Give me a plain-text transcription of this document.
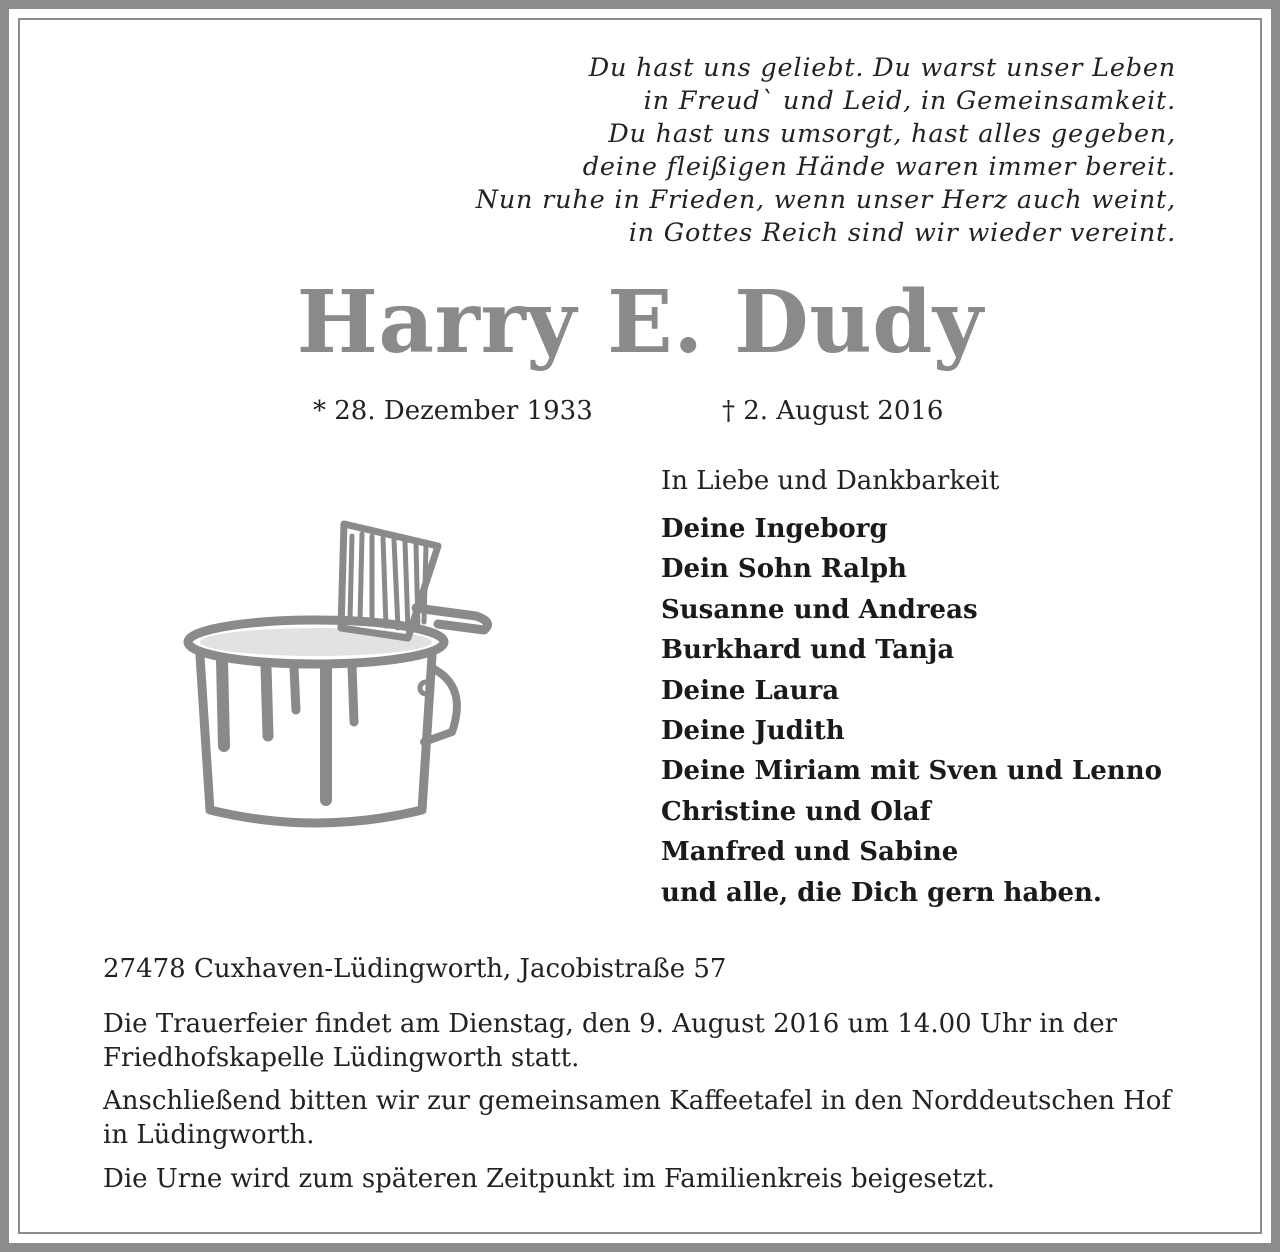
Du hast uns geliebt. Du warst unser Leben
in Freud` und Leid, in Gemeinsamkeit.
Du hast uns umsorgt, hast alles gegeben,
deine fleißigen Hände waren immer bereit.
Nun ruhe in Frieden, wenn unser Herz auch weint,
in Gottes Reich sind wir wieder vereint.
Harry E. Dudy
* 28. Dezember 1933	† 2. August 2016
In Liebe und Dankbarkeit
Deine Ingeborg
Dein Sohn Ralph
Susanne und Andreas
Burkhard und Tanja
Deine Laura
Deine Judith
Deine Miriam mit Sven und Lenno
Christine und Olaf
Manfred und Sabine
und alle, die Dich gern haben.
27478 Cuxhaven-Lüdingworth, Jacobistraße 57
Die Trauerfeier findet am Dienstag, den 9. August 2016 um 14.00 Uhr in der Friedhofskapelle Lüdingworth statt.
Anschließend bitten wir zur gemeinsamen Kaffeetafel in den Norddeutschen Hof in Lüdingworth.
Die Urne wird zum späteren Zeitpunkt im Familienkreis beigesetzt.
